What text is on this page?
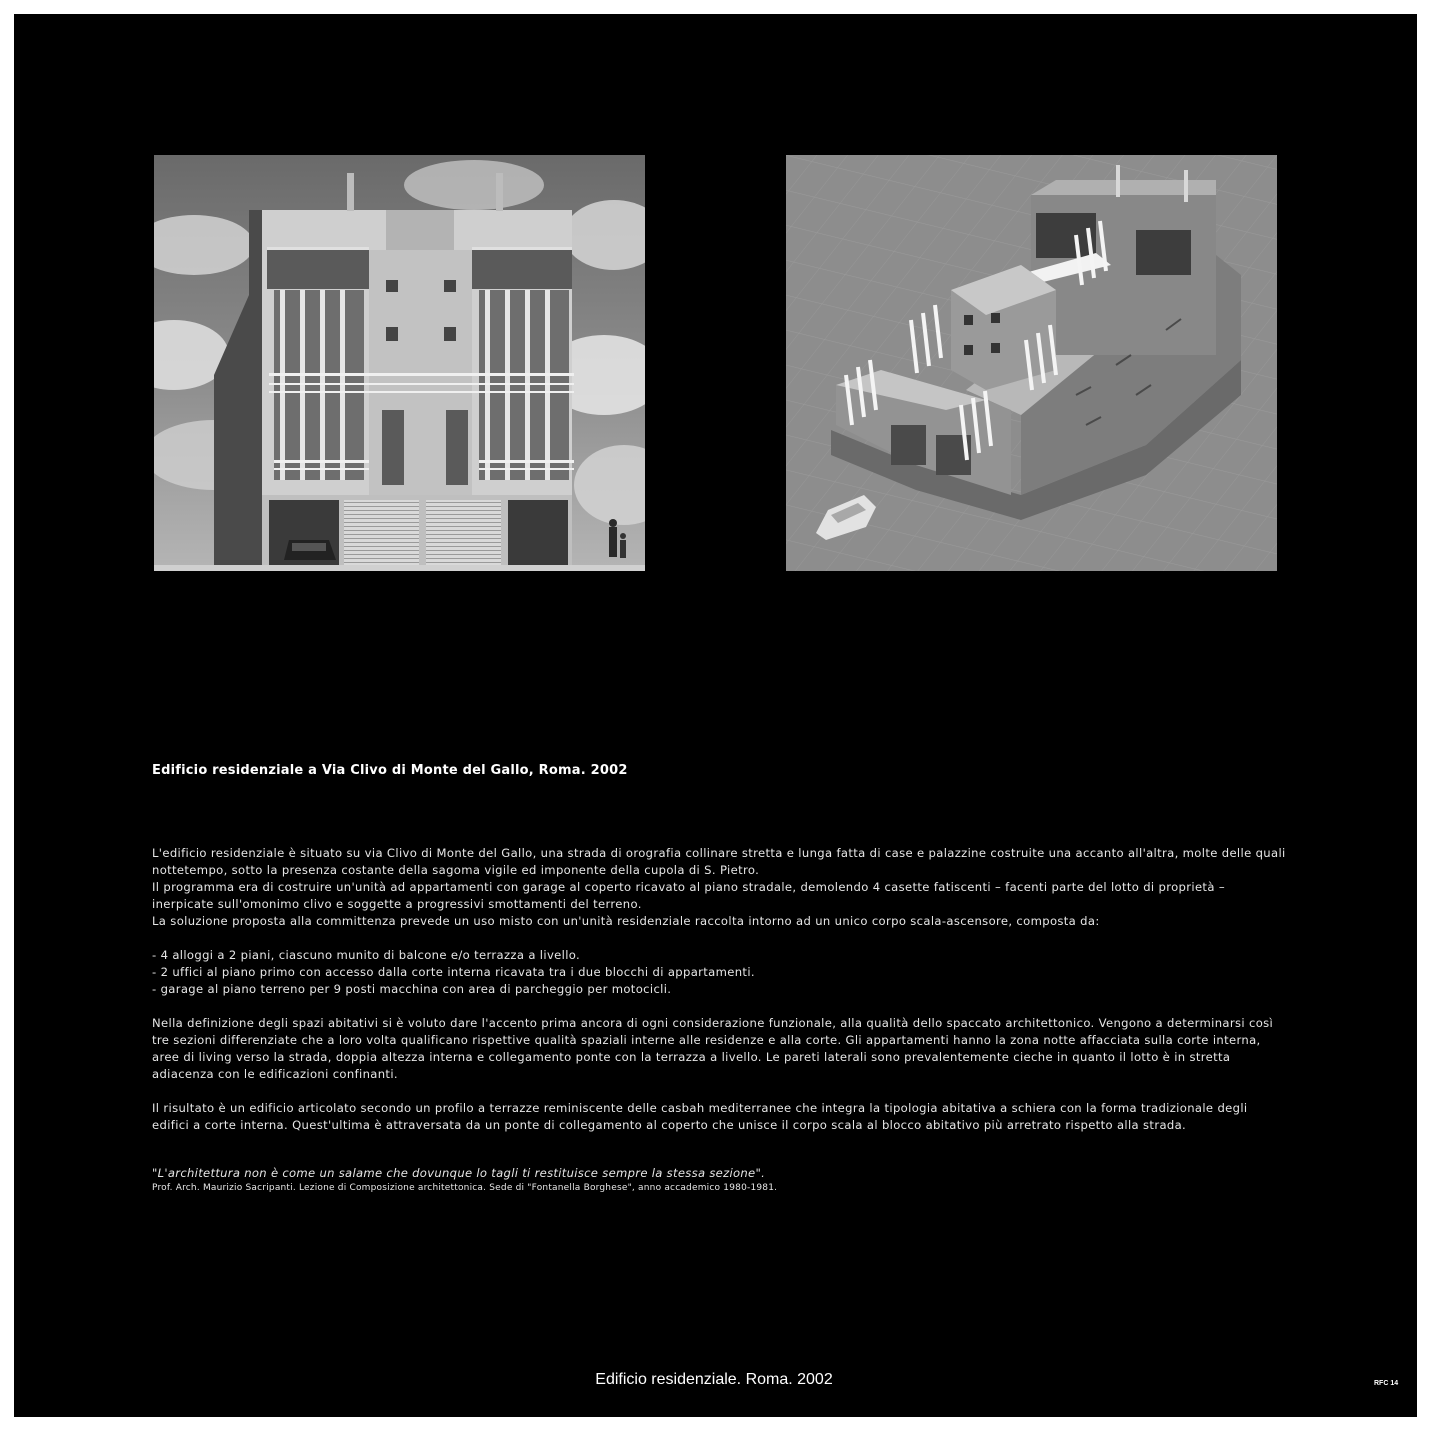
Edificio residenziale a Via Clivo di Monte del Gallo, Roma. 2002

L'edificio residenziale è situato su via Clivo di Monte del Gallo, una strada di orografia collinare stretta e lunga fatta di case e palazzine costruite una accanto all'altra, molte delle quali nottetempo, sotto la presenza costante della sagoma vigile ed imponente della cupola di S. Pietro.

Il programma era di costruire un'unità ad appartamenti con garage al coperto ricavato al piano stradale, demolendo 4 casette fatiscenti – facenti parte del lotto di proprietà – inerpicate sull'omonimo clivo e soggette a progressivi smottamenti del terreno.

La soluzione proposta alla committenza prevede un uso misto con un'unità residenziale raccolta intorno ad un unico corpo scala-ascensore, composta da:

- 4 alloggi a 2 piani, ciascuno munito di balcone e/o terrazza a livello.

- 2 uffici al piano primo con accesso dalla corte interna ricavata tra i due blocchi di appartamenti.

- garage al piano terreno per 9 posti macchina con area di parcheggio per motocicli.

Nella definizione degli spazi abitativi si è voluto dare l'accento prima ancora di ogni considerazione funzionale, alla qualità dello spaccato architettonico. Vengono a determinarsi così tre sezioni differenziate che a loro volta qualificano rispettive qualità spaziali interne alle residenze e alla corte. Gli appartamenti hanno la zona notte affacciata sulla corte interna, aree di living verso la strada, doppia altezza interna e collegamento ponte con la terrazza a livello. Le pareti laterali sono prevalentemente cieche in quanto il lotto è in stretta adiacenza con le edificazioni confinanti.

Il risultato è un edificio articolato secondo un profilo a terrazze reminiscente delle casbah mediterranee che integra la tipologia abitativa a schiera con la forma tradizionale degli edifici a corte interna. Quest'ultima è attraversata da un ponte di collegamento al coperto che unisce il corpo scala al blocco abitativo più arretrato rispetto alla strada.

"L'architettura non è come un salame che dovunque lo tagli ti restituisce sempre la stessa sezione".
Prof. Arch. Maurizio Sacripanti. Lezione di Composizione architettonica. Sede di "Fontanella Borghese", anno accademico 1980-1981.
Edificio residenziale. Roma. 2002	RFC 14
